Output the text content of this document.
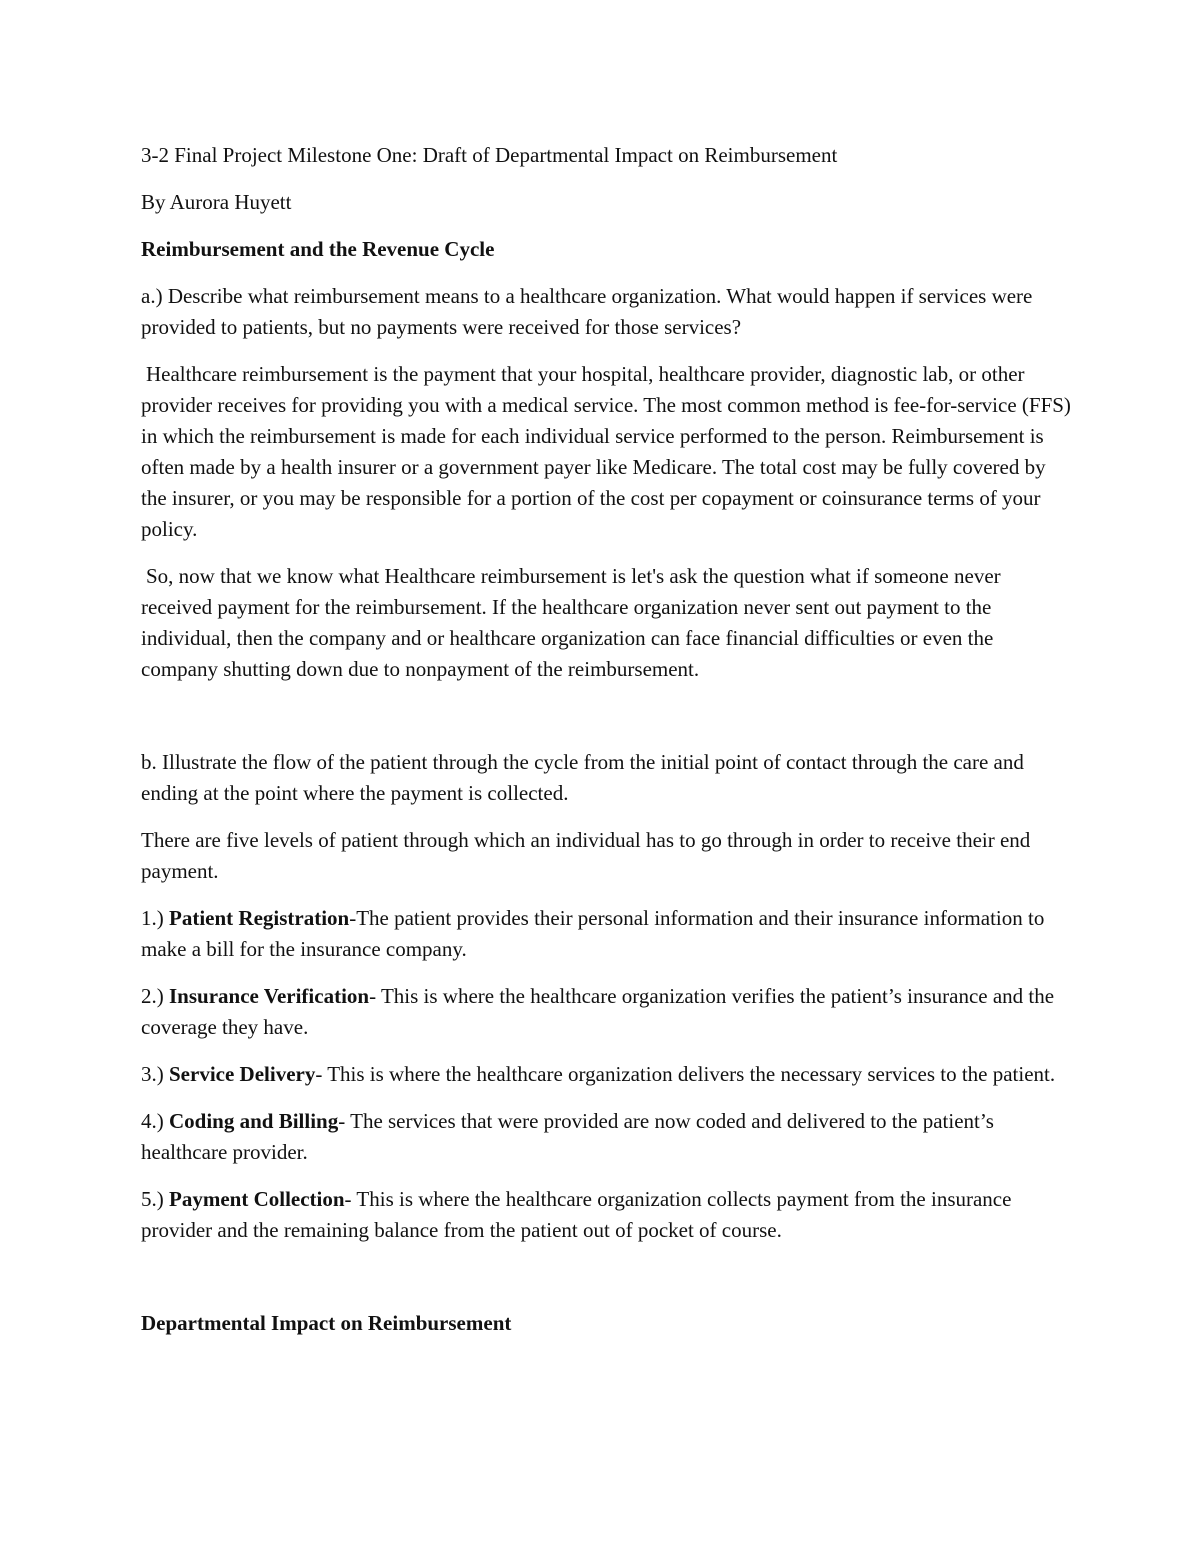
3-2 Final Project Milestone One: Draft of Departmental Impact on Reimbursement

By Aurora Huyett

Reimbursement and the Revenue Cycle

a.) Describe what reimbursement means to a healthcare organization. What would happen if services were provided to patients, but no payments were received for those services?

Healthcare reimbursement is the payment that your hospital, healthcare provider, diagnostic lab, or other provider receives for providing you with a medical service. The most common method is fee-for-service (FFS) in which the reimbursement is made for each individual service performed to the person. Reimbursement is often made by a health insurer or a government payer like Medicare. The total cost may be fully covered by the insurer, or you may be responsible for a portion of the cost per copayment or coinsurance terms of your policy.

So, now that we know what Healthcare reimbursement is let's ask the question what if someone never received payment for the reimbursement. If the healthcare organization never sent out payment to the individual, then the company and or healthcare organization can face financial difficulties or even the company shutting down due to nonpayment of the reimbursement.

b. Illustrate the flow of the patient through the cycle from the initial point of contact through the care and ending at the point where the payment is collected.

There are five levels of patient through which an individual has to go through in order to receive their end payment.

1.) Patient Registration-The patient provides their personal information and their insurance information to make a bill for the insurance company.

2.) Insurance Verification- This is where the healthcare organization verifies the patient’s insurance and the coverage they have.

3.) Service Delivery- This is where the healthcare organization delivers the necessary services to the patient.

4.) Coding and Billing- The services that were provided are now coded and delivered to the patient’s healthcare provider.

5.) Payment Collection- This is where the healthcare organization collects payment from the insurance provider and the remaining balance from the patient out of pocket of course.

Departmental Impact on Reimbursement
